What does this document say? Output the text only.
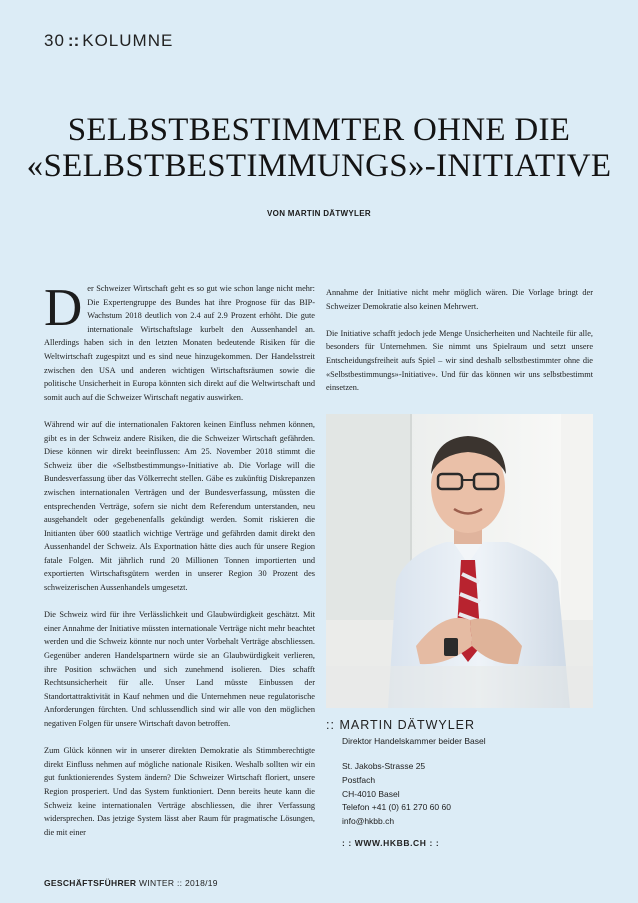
30 :: KOLUMNE
SELBSTBESTIMMTER OHNE DIE
«SELBSTBESTIMMUNGS»-INITIATIVE
VON MARTIN DÄTWYLER

Der Schweizer Wirtschaft geht es so gut wie schon lange nicht mehr: Die Expertengruppe des Bundes hat ihre Prognose für das BIP-Wachstum 2018 deutlich von 2.4 auf 2.9 Prozent erhöht. Die gute internationale Wirtschaftslage kurbelt den Aussenhandel an. Allerdings haben sich in den letzten Monaten bedeutende Risiken für die Weltwirtschaft zugespitzt und es sind neue hinzugekommen. Der Handelsstreit zwischen den USA und anderen wichtigen Wirtschaftsräumen sowie die politische Unsicherheit in Europa könnten sich direkt auf die Weltwirtschaft und somit auch auf die Schweizer Wirtschaft negativ auswirken.

Während wir auf die internationalen Faktoren keinen Einfluss nehmen können, gibt es in der Schweiz andere Risiken, die die Schweizer Wirtschaft gefährden. Diese können wir direkt beeinflussen: Am 25. November 2018 stimmt die Schweiz über die «Selbstbestimmungs»-Initiative ab. Die Vorlage will die Bundesverfassung über das Völkerrecht stellen. Gäbe es zukünftig Diskrepanzen zwischen internationalen Verträgen und der Bundesverfassung, müssten die entsprechenden Verträge, sofern sie nicht dem Referendum unterstanden, neu ausgehandelt oder gegebenenfalls gekündigt werden. Somit riskieren die Initianten über 600 staatlich wichtige Verträge und gefährden damit direkt den Aussenhandel der Schweiz. Als Exportnation hätte dies auch für unsere Region fatale Folgen. Mit jährlich rund 20 Millionen Tonnen importierten und exportierten Wirtschaftsgütern werden in unserer Region 30 Prozent des schweizerischen Aussenhandels umgesetzt.

Die Schweiz wird für ihre Verlässlichkeit und Glaubwürdigkeit geschätzt. Mit einer Annahme der Initiative müssten internationale Verträge nicht mehr beachtet werden und die Schweiz könnte nur noch unter Vorbehalt Verträge abschliessen. Gegenüber anderen Handelspartnern würde sie an Glaubwürdigkeit verlieren, ihre Position schwächen und sich zunehmend isolieren. Dies schafft Rechtsunsicherheit für alle. Unser Land müsste Einbussen der Standortattraktivität in Kauf nehmen und die Unternehmen neue regulatorische Anforderungen fürchten. Und schlussendlich sind wir alle von den möglichen negativen Folgen für unsere Wirtschaft davon betroffen.

Zum Glück können wir in unserer direkten Demokratie als Stimmberechtigte direkt Einfluss nehmen auf mögliche nationale Risiken. Weshalb sollten wir ein gut funktionierendes System ändern? Die Schweizer Wirtschaft floriert, unsere Region prosperiert. Und das System funktioniert. Denn bereits heute kann die Schweiz keine internationalen Verträge abschliessen, die ihrer Verfassung widersprechen. Das jetzige System lässt aber Raum für pragmatische Lösungen, die mit einer

Annahme der Initiative nicht mehr möglich wären. Die Vorlage bringt der Schweizer Demokratie also keinen Mehrwert.

Die Initiative schafft jedoch jede Menge Unsicherheiten und Nachteile für alle, besonders für Unternehmen. Sie nimmt uns Spielraum und setzt unsere Entscheidungsfreiheit aufs Spiel – wir sind deshalb selbstbestimmter ohne die «Selbstbestimmungs»-Initiative». Und für das können wir uns selbstbestimmt einsetzen.

:: MARTIN DÄTWYLER
Direktor Handelskammer beider Basel
St. Jakobs-Strasse 25
Postfach
CH-4010 Basel
Telefon +41 (0) 61 270 60 60
info@hkbb.ch
: : WWW.HKBB.CH : :
GESCHÄFTSFÜHRER WINTER :: 2018/19
